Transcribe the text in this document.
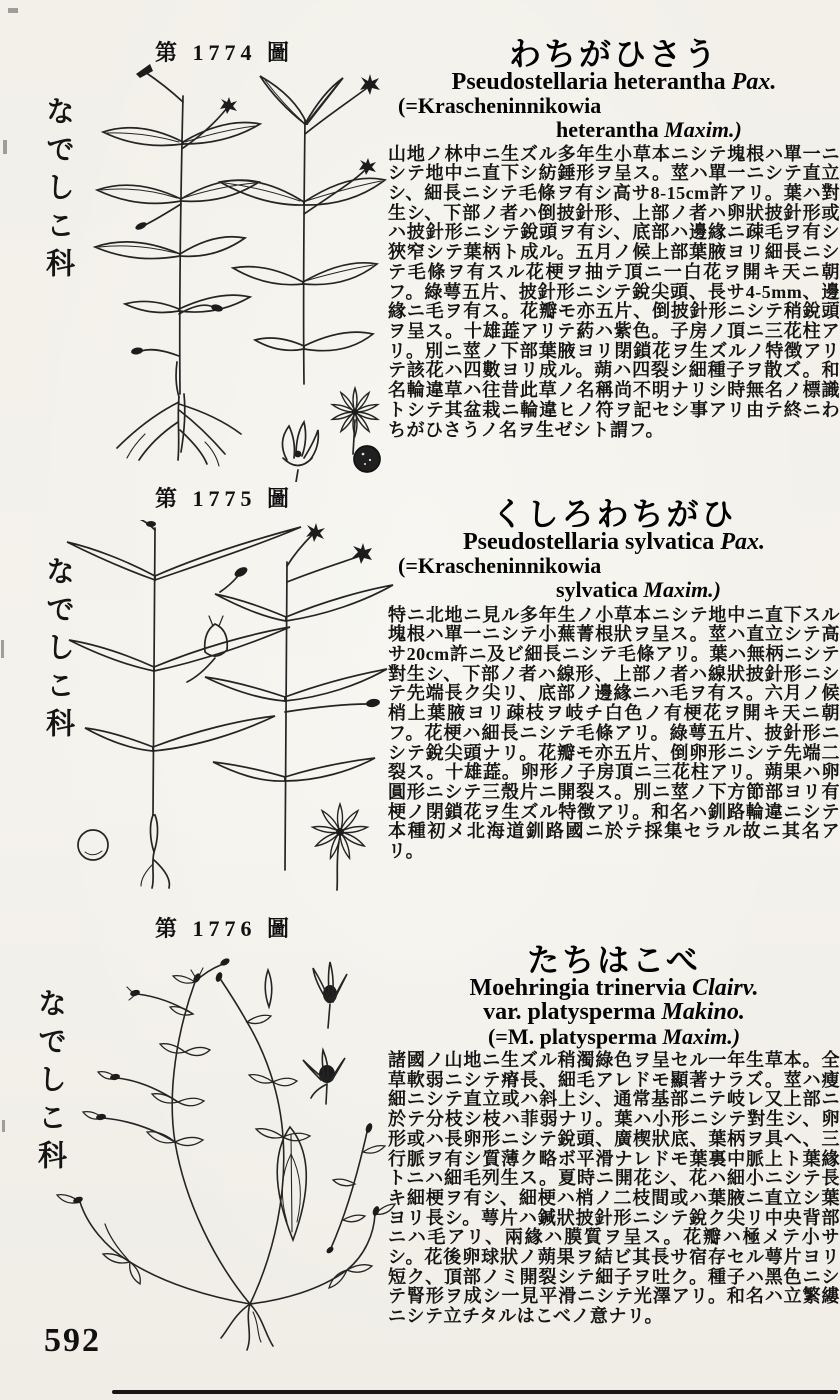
第 1774 圖
なでしこ科
わちがひさう
Pseudostellaria heterantha Pax.
(=Krascheninnikowia
heterantha Maxim.)

山地ノ林中ニ生ズル多年生小草本ニシテ塊根ハ單一ニシテ地中ニ直下シ紡錘形ヲ呈ス。莖ハ單一ニシテ直立シ、細長ニシテ毛條ヲ有シ高サ8-15cm許アリ。葉ハ對生シ、下部ノ者ハ倒披針形、上部ノ者ハ卵狀披針形或ハ披針形ニシテ銳頭ヲ有シ、底部ハ邊緣ニ疎毛ヲ有シ狹窄シテ葉柄ト成ル。五月ノ候上部葉腋ヨリ細長ニシテ毛條ヲ有スル花梗ヲ抽テ頂ニ一白花ヲ開キ天ニ朝フ。綠萼五片、披針形ニシテ銳尖頭、長サ4-5mm、邊緣ニ毛ヲ有ス。花瓣モ亦五片、倒披針形ニシテ稍銳頭ヲ呈ス。十雄蕋アリテ葯ハ紫色。子房ノ頂ニ三花柱アリ。別ニ莖ノ下部葉腋ヨリ閉鎖花ヲ生ズルノ特徴アリテ該花ハ四數ヨリ成ル。蒴ハ四裂シ細種子ヲ散ズ。和名輪違草ハ往昔此草ノ名稱尚不明ナリシ時無名ノ標識トシテ其盆栽ニ輪違ヒノ符ヲ記セシ事アリ由テ終ニわちがひさうノ名ヲ生ゼシト謂フ。

第 1775 圖
なでしこ科
くしろわちがひ
Pseudostellaria sylvatica Pax.
(=Krascheninnikowia
sylvatica Maxim.)

特ニ北地ニ見ル多年生ノ小草本ニシテ地中ニ直下スル塊根ハ單一ニシテ小蕪菁根狀ヲ呈ス。莖ハ直立シテ高サ20cm許ニ及ビ細長ニシテ毛條アリ。葉ハ無柄ニシテ對生シ、下部ノ者ハ線形、上部ノ者ハ線狀披針形ニシテ先端長ク尖リ、底部ノ邊緣ニハ毛ヲ有ス。六月ノ候梢上葉腋ヨリ疎枝ヲ岐チ白色ノ有梗花ヲ開キ天ニ朝フ。花梗ハ細長ニシテ毛條アリ。綠萼五片、披針形ニシテ銳尖頭ナリ。花瓣モ亦五片、倒卵形ニシテ先端二裂ス。十雄蕋。卵形ノ子房頂ニ三花柱アリ。蒴果ハ卵圓形ニシテ三殼片ニ開裂ス。別ニ莖ノ下方節部ヨリ有梗ノ閉鎖花ヲ生ズル特徴アリ。和名ハ釧路輪違ニシテ本種初メ北海道釧路國ニ於テ採集セラル故ニ其名アリ。

第 1776 圖
なでしこ科
たちはこべ
Moehringia trinervia Clairv.
var. platysperma Makino.
(=M. platysperma Maxim.)

諸國ノ山地ニ生ズル稍濁綠色ヲ呈セル一年生草本。全草軟弱ニシテ瘠長、細毛アレドモ顯著ナラズ。莖ハ瘦細ニシテ直立或ハ斜上シ、通常基部ニテ岐レ又上部ニ於テ分枝シ枝ハ菲弱ナリ。葉ハ小形ニシテ對生シ、卵形或ハ長卵形ニシテ銳頭、廣楔狀底、葉柄ヲ具ヘ、三行脈ヲ有シ質薄ク略ボ平滑ナレドモ葉裏中脈上ト葉緣トニハ細毛列生ス。夏時ニ開花シ、花ハ細小ニシテ長キ細梗ヲ有シ、細梗ハ梢ノ二枝間或ハ葉腋ニ直立シ葉ヨリ長シ。萼片ハ鍼狀披針形ニシテ銳ク尖リ中央背部ニハ毛アリ、兩緣ハ膜質ヲ呈ス。花瓣ハ極メテ小サシ。花後卵球狀ノ蒴果ヲ結ビ其長サ宿存セル萼片ヨリ短ク、頂部ノミ開裂シテ細子ヲ吐ク。種子ハ黑色ニシテ腎形ヲ成シ一見平滑ニシテ光澤アリ。和名ハ立繁縷ニシテ立チタルはこべノ意ナリ。

592
